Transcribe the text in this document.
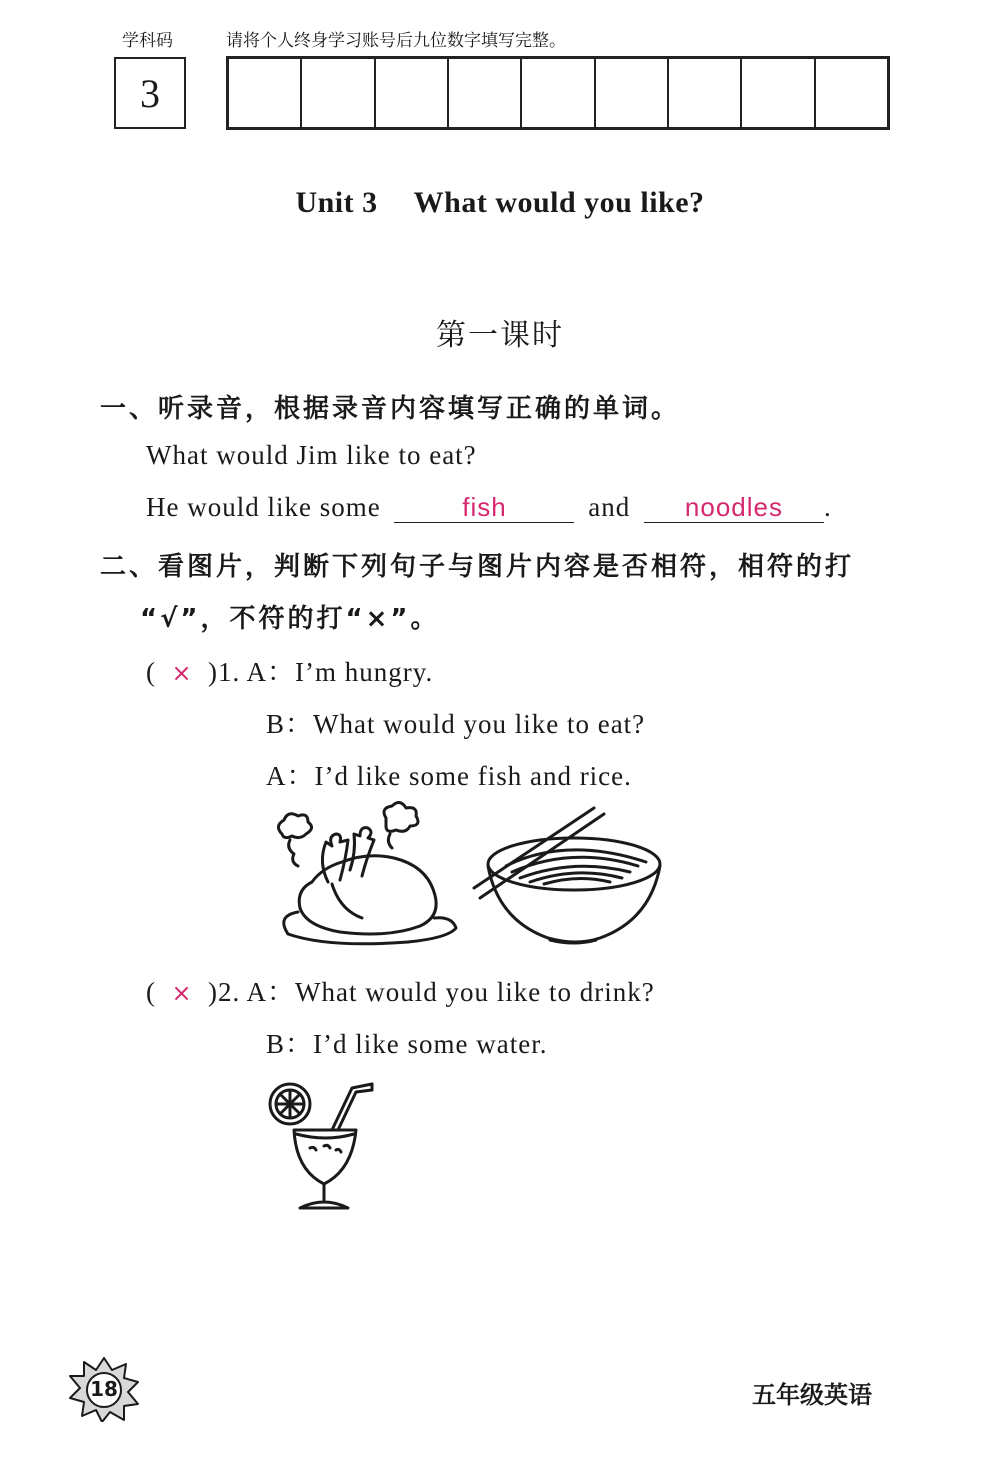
学科码	请将个人终身学习账号后九位数字填写完整。
3
Unit 3 What would you like?
第一课时
一、听录音，根据录音内容填写正确的单词。
What would Jim like to eat?
He would like some	fish	and noodles .
二、看图片，判断下列句子与图片内容是否相符，相符的打
“√”，不符的打“×”。
( × )1. A：I’m hungry.
B：What would you like to eat?
A：I’d like some fish and rice.
( × )2. A：What would you like to drink?
B：I’d like some water.
18	五年级英语
